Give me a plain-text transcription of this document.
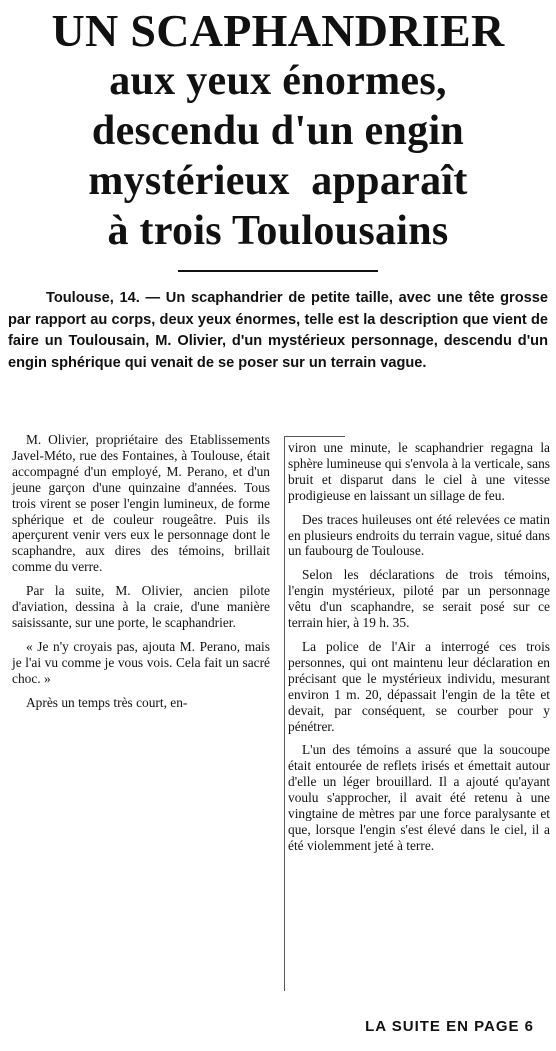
UN SCAPHANDRIER
aux yeux énormes,
descendu d'un engin
mystérieux  apparaît
à trois Toulousains

Toulouse, 14. — Un scaphandrier de petite taille, avec une tête grosse par rapport au corps, deux yeux énormes, telle est la description que vient de faire un Toulousain, M. Olivier, d'un mystérieux personnage, descendu d'un engin sphérique qui venait de se poser sur un terrain vague.

M. Olivier, propriétaire des Etablissements Javel-Méto, rue des Fontaines, à Toulouse, était accompagné d'un employé, M. Perano, et d'un jeune garçon d'une quinzaine d'années. Tous trois virent se poser l'engin lumineux, de forme sphérique et de couleur rougeâtre. Puis ils aperçurent venir vers eux le personnage dont le scaphandre, aux dires des témoins, brillait comme du verre.

Par la suite, M. Olivier, ancien pilote d'aviation, dessina à la craie, d'une manière saisissante, sur une porte, le scaphandrier.

« Je n'y croyais pas, ajouta M. Perano, mais je l'ai vu comme je vous vois. Cela fait un sacré choc. »

Après un temps très court, en-

viron une minute, le scaphandrier regagna la sphère lumineuse qui s'envola à la verticale, sans bruit et disparut dans le ciel à une vitesse prodigieuse en laissant un sillage de feu.

Des traces huileuses ont été relevées ce matin en plusieurs endroits du terrain vague, situé dans un faubourg de Toulouse.

Selon les déclarations de trois témoins, l'engin mystérieux, piloté par un personnage vêtu d'un scaphandre, se serait posé sur ce terrain hier, à 19 h. 35.

La police de l'Air a interrogé ces trois personnes, qui ont maintenu leur déclaration en précisant que le mystérieux individu, mesurant environ 1 m. 20, dépassait l'engin de la tête et devait, par conséquent, se courber pour y pénétrer.

L'un des témoins a assuré que la soucoupe était entourée de reflets irisés et émettait autour d'elle un léger brouillard. Il a ajouté qu'ayant voulu s'approcher, il avait été retenu à une vingtaine de mètres par une force paralysante et que, lorsque l'engin s'est élevé dans le ciel, il a été violemment jeté à terre.

LA SUITE EN PAGE 6
